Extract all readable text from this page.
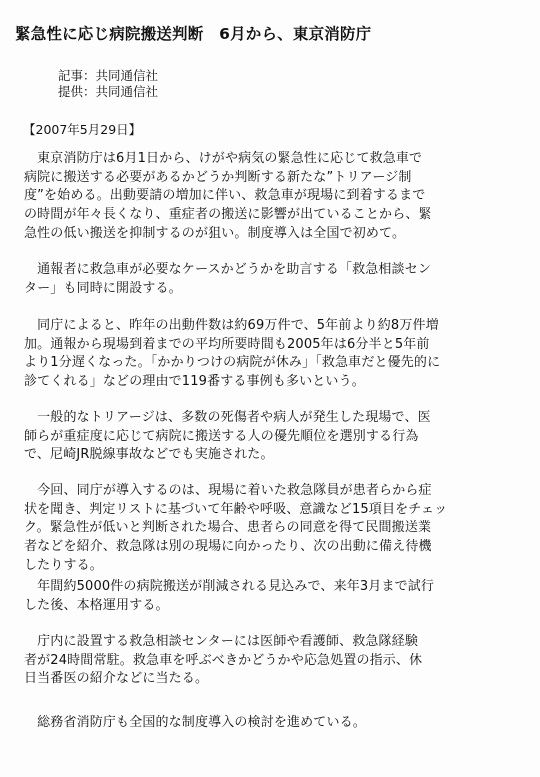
緊急性に応じ病院搬送判断　6月から、東京消防庁
記事：共同通信社
提供：共同通信社
【2007年5月29日】
　東京消防庁は6月1日から、けがや病気の緊急性に応じて救急車で
病院に搬送する必要があるかどうか判断する新たな”トリアージ制
度”を始める。出動要請の増加に伴い、救急車が現場に到着するまで
の時間が年々長くなり、重症者の搬送に影響が出ていることから、緊
急性の低い搬送を抑制するのが狙い。制度導入は全国で初めて。
　通報者に救急車が必要なケースかどうかを助言する「救急相談セン
ター」も同時に開設する。
　同庁によると、昨年の出動件数は約69万件で、5年前より約8万件増
加。通報から現場到着までの平均所要時間も2005年は6分半と5年前
より1分遅くなった。「かかりつけの病院が休み」「救急車だと優先的に
診てくれる」などの理由で119番する事例も多いという。
　一般的なトリアージは、多数の死傷者や病人が発生した現場で、医
師らが重症度に応じて病院に搬送する人の優先順位を選別する行為
で、尼崎JR脱線事故などでも実施された。
　今回、同庁が導入するのは、現場に着いた救急隊員が患者らから症
状を聞き、判定リストに基づいて年齢や呼吸、意識など15項目をチェッ
ク。緊急性が低いと判断された場合、患者らの同意を得て民間搬送業
者などを紹介、救急隊は別の現場に向かったり、次の出動に備え待機
したりする。
　年間約5000件の病院搬送が削減される見込みで、来年3月まで試行
した後、本格運用する。
　庁内に設置する救急相談センターには医師や看護師、救急隊経験
者が24時間常駐。救急車を呼ぶべきかどうかや応急処置の指示、休
日当番医の紹介などに当たる。
　総務省消防庁も全国的な制度導入の検討を進めている。
